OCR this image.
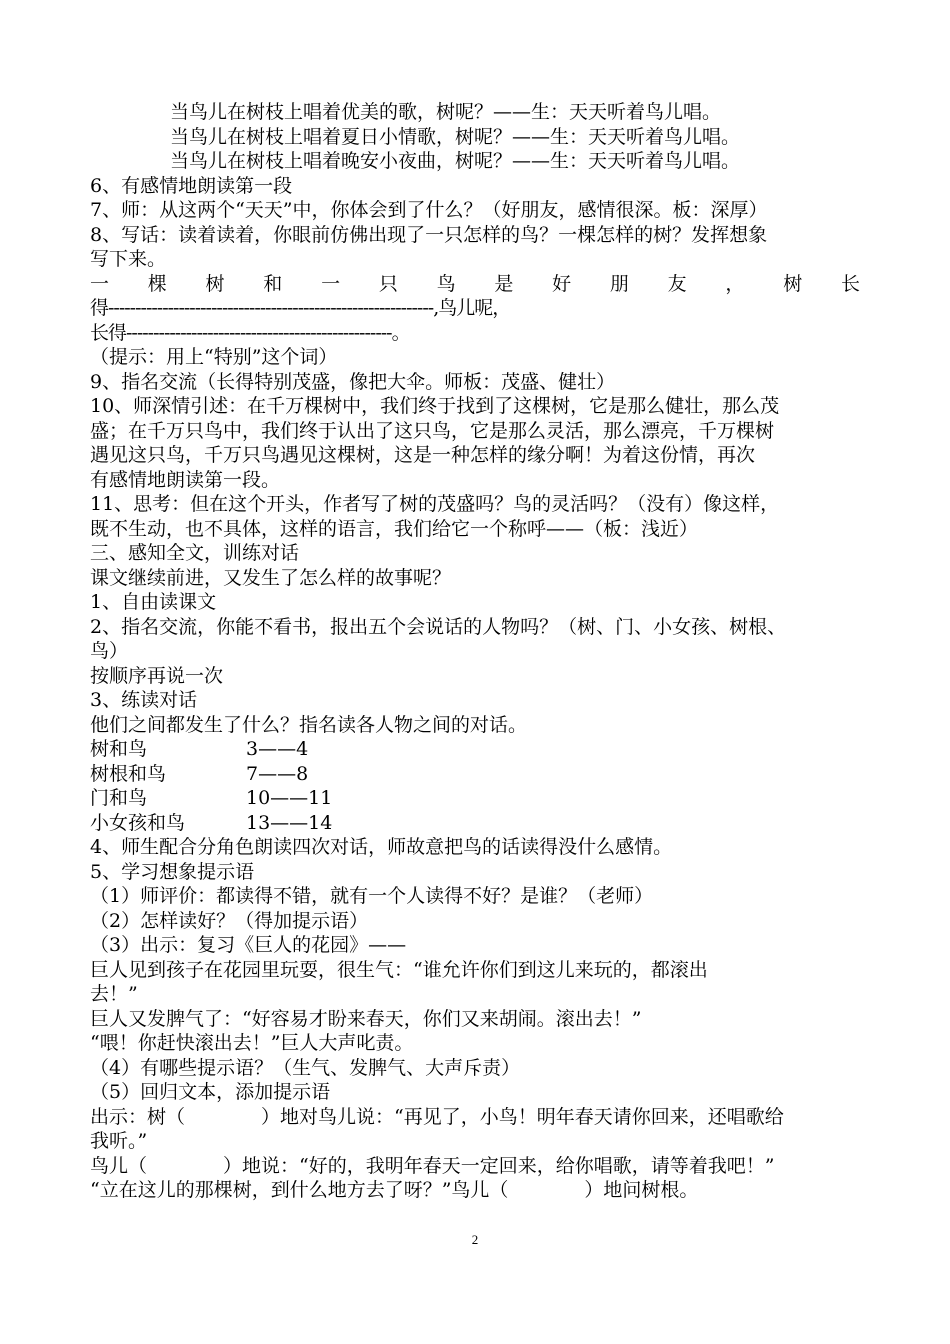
当鸟儿在树枝上唱着优美的歌，树呢？——生：天天听着鸟儿唱。
当鸟儿在树枝上唱着夏日小情歌，树呢？——生：天天听着鸟儿唱。
当鸟儿在树枝上唱着晚安小夜曲，树呢？——生：天天听着鸟儿唱。
6、有感情地朗读第一段
7、师：从这两个“天天”中，你体会到了什么？（好朋友，感情很深。板：深厚）
8、写话：读着读着，你眼前仿佛出现了一只怎样的鸟？一棵怎样的树？发挥想象
写下来。
一 棵 树 和 一 只 鸟 是 好 朋 友 ， 树 长
得------------------------------------------------------------,鸟儿呢，
长得-------------------------------------------------。
（提示：用上“特别”这个词）
9、指名交流（长得特别茂盛，像把大伞。师板：茂盛、健壮）
10、师深情引述：在千万棵树中，我们终于找到了这棵树，它是那么健壮，那么茂
盛；在千万只鸟中，我们终于认出了这只鸟，它是那么灵活，那么漂亮，千万棵树
遇见这只鸟，千万只鸟遇见这棵树，这是一种怎样的缘分啊！为着这份情，再次
有感情地朗读第一段。
11、思考：但在这个开头，作者写了树的茂盛吗？鸟的灵活吗？（没有）像这样，
既不生动，也不具体，这样的语言，我们给它一个称呼——（板：浅近）
三、感知全文，训练对话
课文继续前进，又发生了怎么样的故事呢？
1、自由读课文
2、指名交流，你能不看书，报出五个会说话的人物吗？（树、门、小女孩、树根、
鸟）
按顺序再说一次
3、练读对话
他们之间都发生了什么？指名读各人物之间的对话。
树和鸟	3——4
树根和鸟	7——8
门和鸟	10——11
小女孩和鸟	13——14
4、师生配合分角色朗读四次对话，师故意把鸟的话读得没什么感情。
5、学习想象提示语
（1）师评价：都读得不错，就有一个人读得不好？是谁？（老师）
（2）怎样读好？（得加提示语）
（3）出示：复习《巨人的花园》——
巨人见到孩子在花园里玩耍，很生气：“谁允许你们到这儿来玩的，都滚出
去！”
巨人又发脾气了：“好容易才盼来春天，你们又来胡闹。滚出去！”
“喂！你赶快滚出去！”巨人大声叱责。
（4）有哪些提示语？（生气、发脾气、大声斥责）
（5）回归文本，添加提示语
出示：树（　　　　）地对鸟儿说：“再见了，小鸟！明年春天请你回来，还唱歌给
我听。”
鸟儿（　　　　）地说：“好的，我明年春天一定回来，给你唱歌，请等着我吧！”
“立在这儿的那棵树，到什么地方去了呀？”鸟儿（　　　　）地问树根。
2
